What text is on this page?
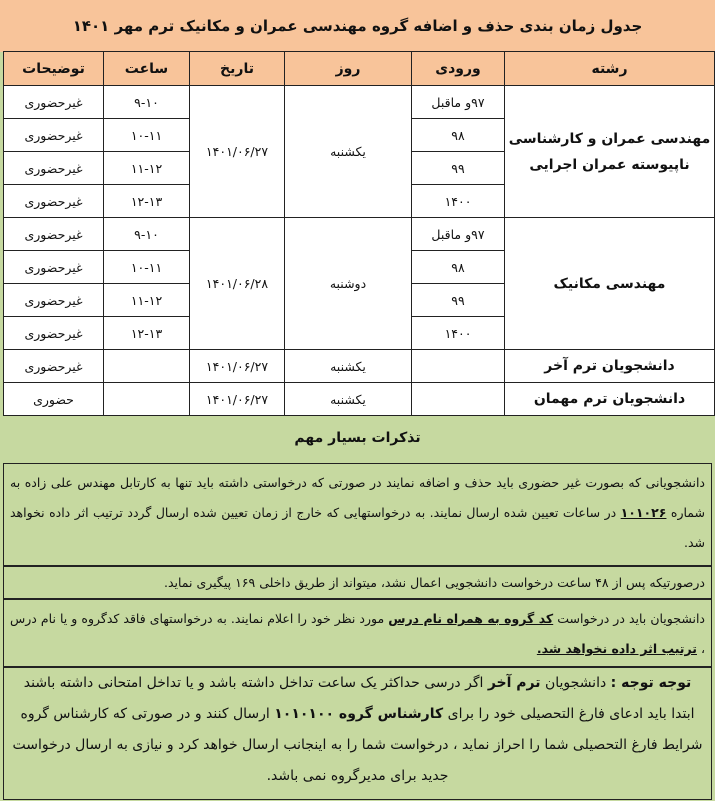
جدول زمان بندی حذف و اضافه گروه مهندسی عمران و مکانیک ترم مهر ۱۴۰۱
رشته	ورودی	روز	تاریخ	ساعت	توضیحات

مهندسی عمران و کارشناسی
ناپیوسته عمران اجرایی	۹۷و ماقبل	یکشنبه	۱۴۰۱/۰۶/۲۷	۹-۱۰	غیرحضوری
	۹۸			۱۰-۱۱	غیرحضوری
	۹۹			۱۱-۱۲	غیرحضوری
	۱۴۰۰			۱۲-۱۳	غیرحضوری

مهندسی مکانیک	۹۷و ماقبل	دوشنبه	۱۴۰۱/۰۶/۲۸	۹-۱۰	غیرحضوری
	۹۸			۱۰-۱۱	غیرحضوری
	۹۹			۱۱-۱۲	غیرحضوری
	۱۴۰۰			۱۲-۱۳	غیرحضوری
دانشجویان ترم آخر		یکشنبه	۱۴۰۱/۰۶/۲۷		غیرحضوری
دانشجویان ترم مهمان		یکشنبه	۱۴۰۱/۰۶/۲۷		حضوری
تذکرات بسیار مهم
دانشجویانی که بصورت غیر حضوری باید حذف و اضافه نمایند در صورتی که درخواستی داشته باید تنها به کارتابل مهندس علی زاده به شماره ۱۰۱۰۲۶ در ساعات تعیین شده ارسال نمایند. به درخواستهایی که خارج از زمان تعیین شده ارسال گردد ترتیب اثر داده نخواهد شد.
درصورتیکه پس از ۴۸ ساعت درخواست دانشجویی اعمال نشد، میتواند از طریق داخلی ۱۶۹ پیگیری نماید.
دانشجویان باید در درخواست کد گروه به همراه نام درس مورد نظر خود را اعلام نمایند. به درخواستهای فاقد کدگروه و یا نام درس ، ترتیب اثر داده نخواهد شد.
توجه توجه : دانشجویان ترم آخر اگر درسی حداکثر یک ساعت تداخل داشته باشد و یا تداخل امتحانی داشته باشند ابتدا باید ادعای فارغ التحصیلی خود را برای کارشناس گروه ۱۰۱۰۱۰۰ ارسال کنند و در صورتی که کارشناس گروه شرایط فارغ التحصیلی شما را احراز نماید ، درخواست شما را به اینجانب ارسال خواهد کرد و نیازی به ارسال درخواست جدید برای مدیرگروه نمی باشد.
